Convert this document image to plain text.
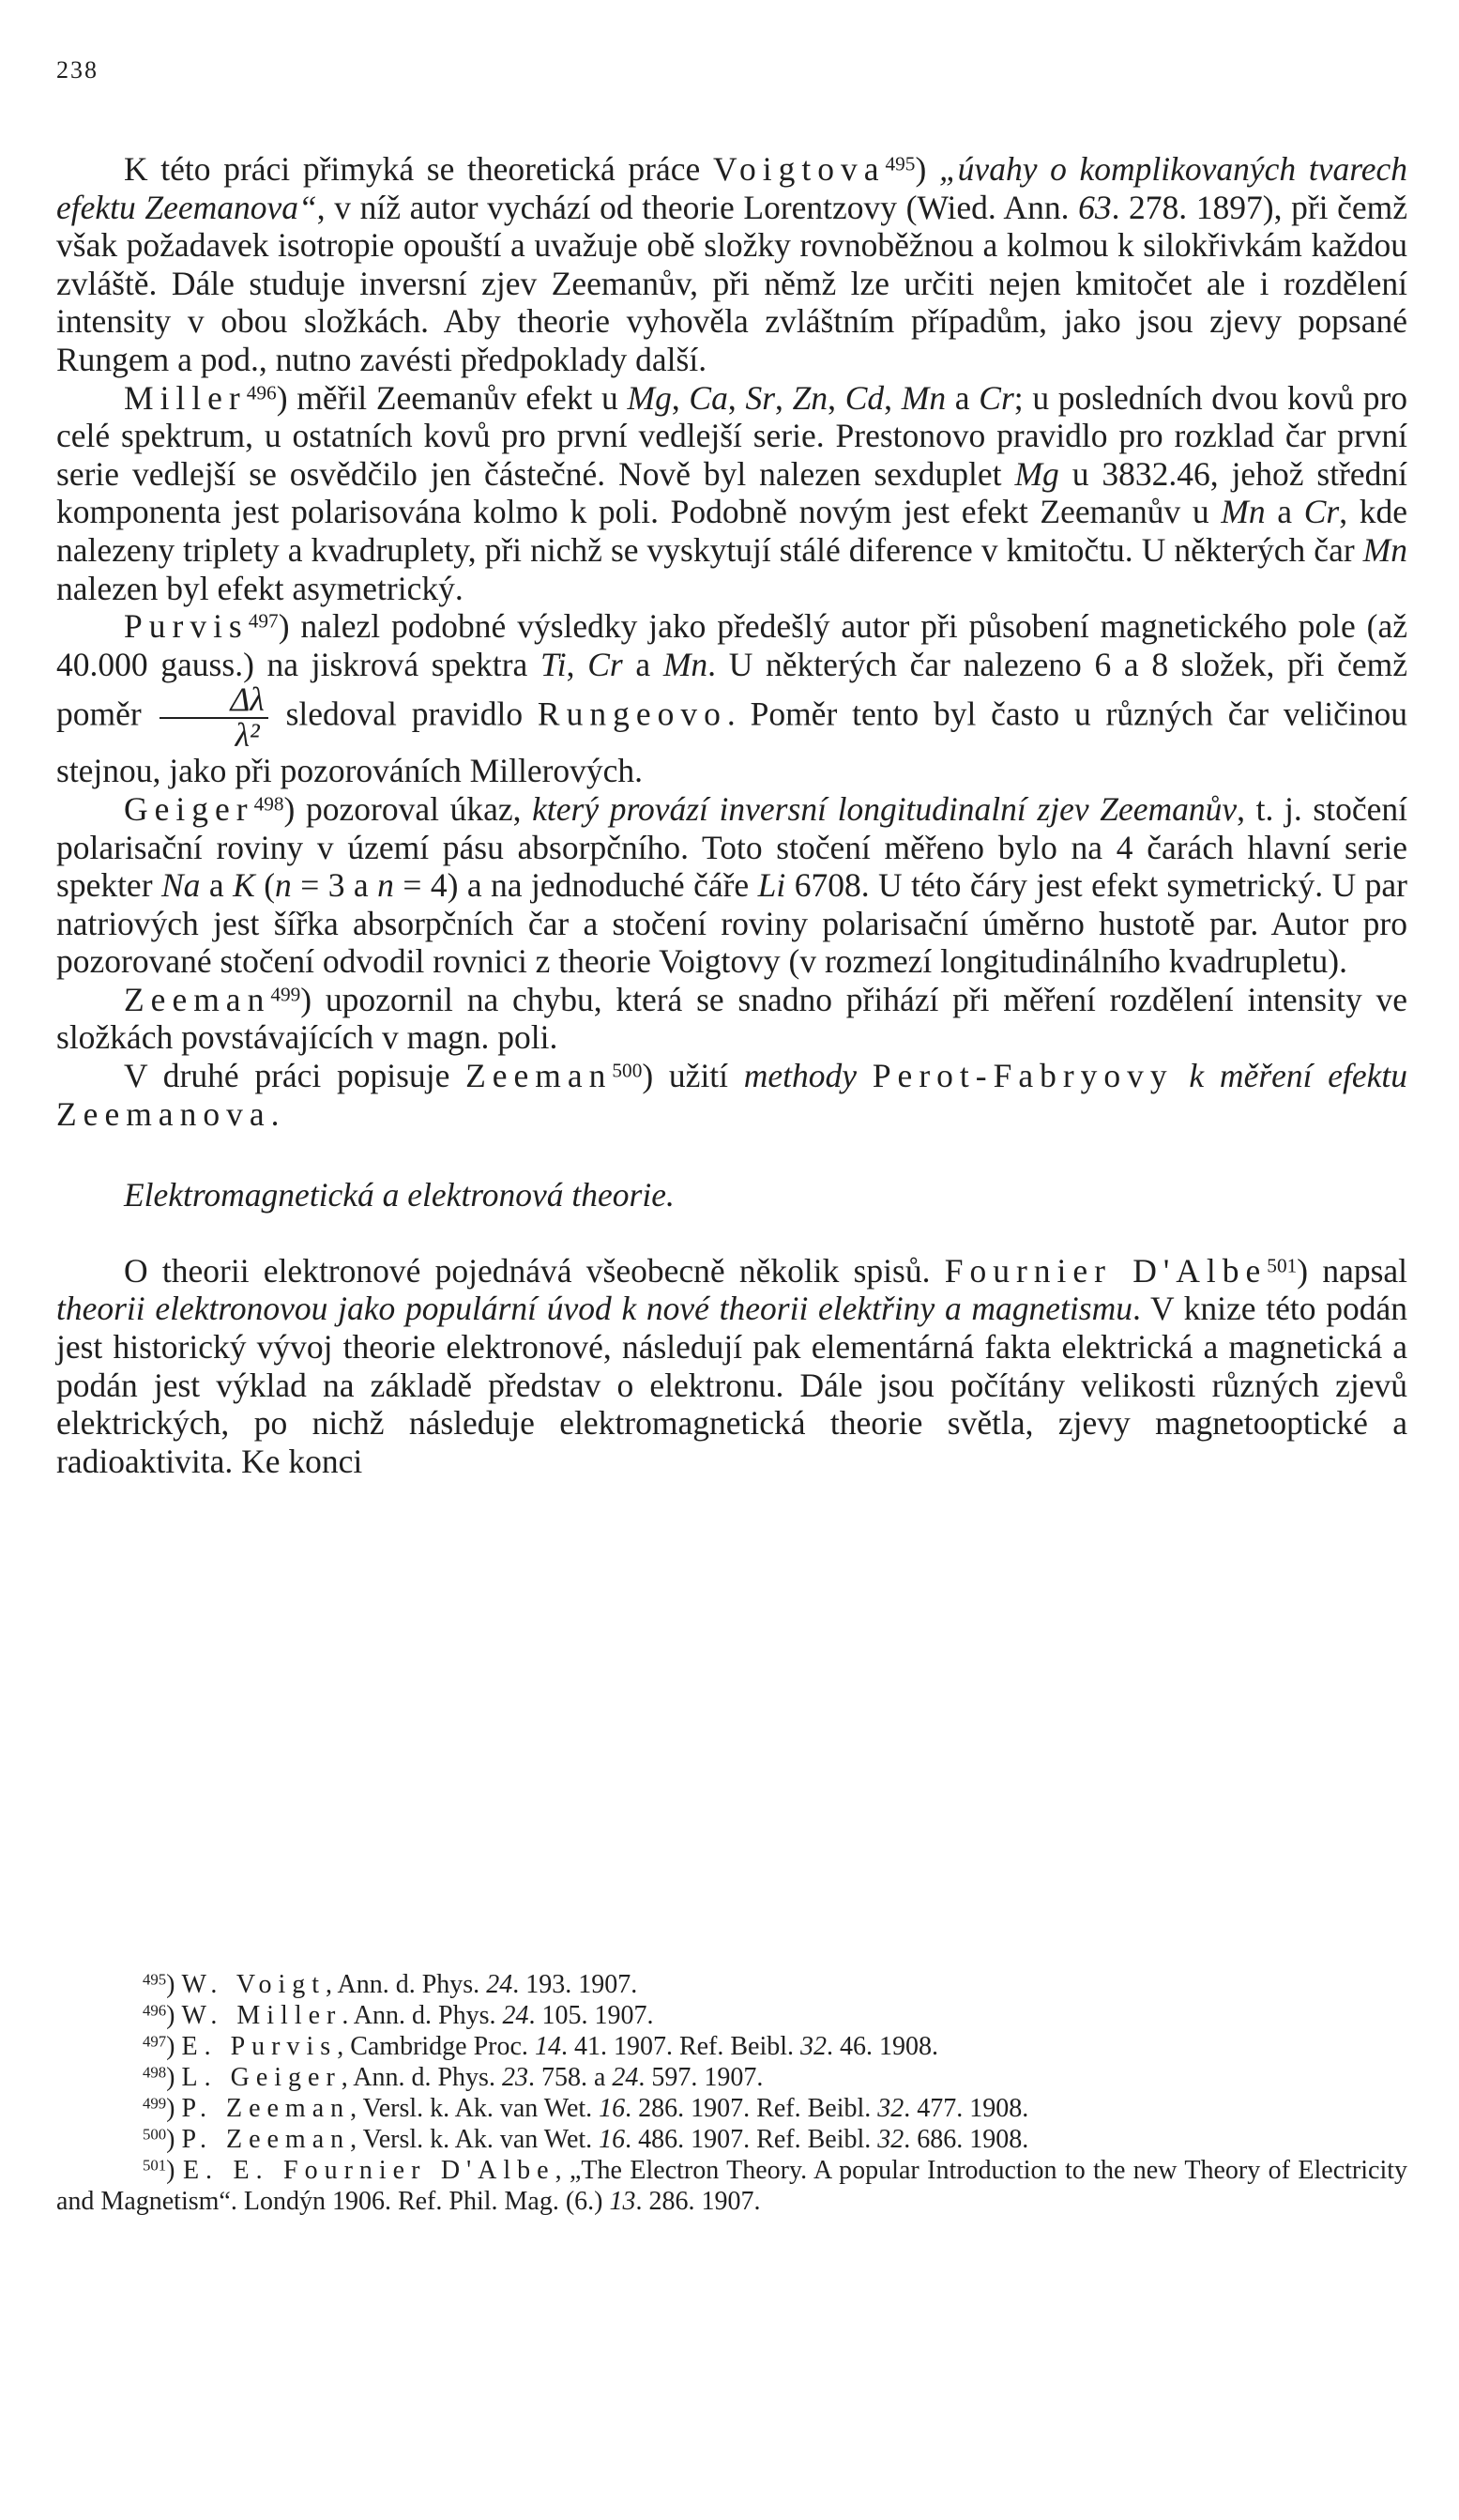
238

K této práci přimyká se theoretická práce Voigtova$^{495}$) „úvahy o komplikovaných tvarech efektu Zeemanova“, v níž autor vychází od theorie Lorentzovy (Wied. Ann. 63. 278. 1897), při čemž však požadavek isotropie opouští a uvažuje obě složky rovnoběžnou a kolmou k silokřivkám každou zvláště. Dále studuje inversní zjev Zeemanův, při němž lze určiti nejen kmitočet ale i rozdělení intensity v obou složkách. Aby theorie vyhověla zvláštním případům, jako jsou zjevy popsané Rungem a pod., nutno zavésti předpoklady další.

Miller$^{496}$) měřil Zeemanův efekt u Mg, Ca, Sr, Zn, Cd, Mn a Cr; u posledních dvou kovů pro celé spektrum, u ostatních kovů pro první vedlejší serie. Prestonovo pravidlo pro rozklad čar první serie vedlejší se osvědčilo jen částečné. Nově byl nalezen sexduplet Mg u 3832.46, jehož střední komponenta jest polarisována kolmo k poli. Podobně novým jest efekt Zeemanův u Mn a Cr, kde nalezeny triplety a kvadruplety, při nichž se vyskytují stálé diference v kmitočtu. U některých čar Mn nalezen byl efekt asymetrický.

Purvis$^{497}$) nalezl podobné výsledky jako předešlý autor při působení magnetického pole (až 40.000 gauss.) na jiskrová spektra Ti, Cr a Mn. U některých čar nalezeno 6 a 8 složek, při čemž poměr $\frac{\Delta\lambda}{\text{λ²}}$ sledoval pravidlo Rungeovo. Poměr tento byl často u různých čar veličinou stejnou, jako při pozorováních Millerových.

Geiger$^{498}$) pozoroval úkaz, který provází inversní longitudinalní zjev Zeemanův, t. j. stočení polarisační roviny v území pásu absorpčního. Toto stočení měřeno bylo na 4 čarách hlavní serie spekter Na a K (n = 3 a n = 4) a na jednoduché čáře Li 6708. U této čáry jest efekt symetrický. U par natriových jest šířka absorpčních čar a stočení roviny polarisační úměrno hustotě par. Autor pro pozorované stočení odvodil rovnici z theorie Voigtovy (v rozmezí longitudinálního kvadrupletu).

Zeeman$^{499}$) upozornil na chybu, která se snadno přihází při měření rozdělení intensity ve složkách povstávajících v magn. poli.

V druhé práci popisuje Zeeman$^{500}$) užití methody Perot-Fabryovy k měření efektu Zeemanova.

Elektromagnetická a elektronová theorie.

O theorii elektronové pojednává všeobecně několik spisů. Fournier D'Albe$^{501}$) napsal theorii elektronovou jako populární úvod k nové theorii elektřiny a magnetismu. V knize této podán jest historický vývoj theorie elektronové, následují pak elementárná fakta elektrická a magnetická a podán jest výklad na základě představ o elektronu. Dále jsou počítány velikosti různých zjevů elektrických, po nichž následuje elektromagnetická theorie světla, zjevy magnetooptické a radioaktivita. Ke konci

$^{495}$) W. Voigt, Ann. d. Phys. 24. 193. 1907.

$^{496}$) W. Miller. Ann. d. Phys. 24. 105. 1907.

$^{497}$) E. Purvis, Cambridge Proc. 14. 41. 1907. Ref. Beibl. 32. 46. 1908.

$^{498}$) L. Geiger, Ann. d. Phys. 23. 758. a 24. 597. 1907.

$^{499}$) P. Zeeman, Versl. k. Ak. van Wet. 16. 286. 1907. Ref. Beibl. 32. 477. 1908.

$^{500}$) P. Zeeman, Versl. k. Ak. van Wet. 16. 486. 1907. Ref. Beibl. 32. 686. 1908.

$^{501}$) E. E. Fournier D'Albe, „The Electron Theory. A popular Introduction to the new Theory of Electricity and Magnetism“. Londýn 1906. Ref. Phil. Mag. (6.) 13. 286. 1907.
